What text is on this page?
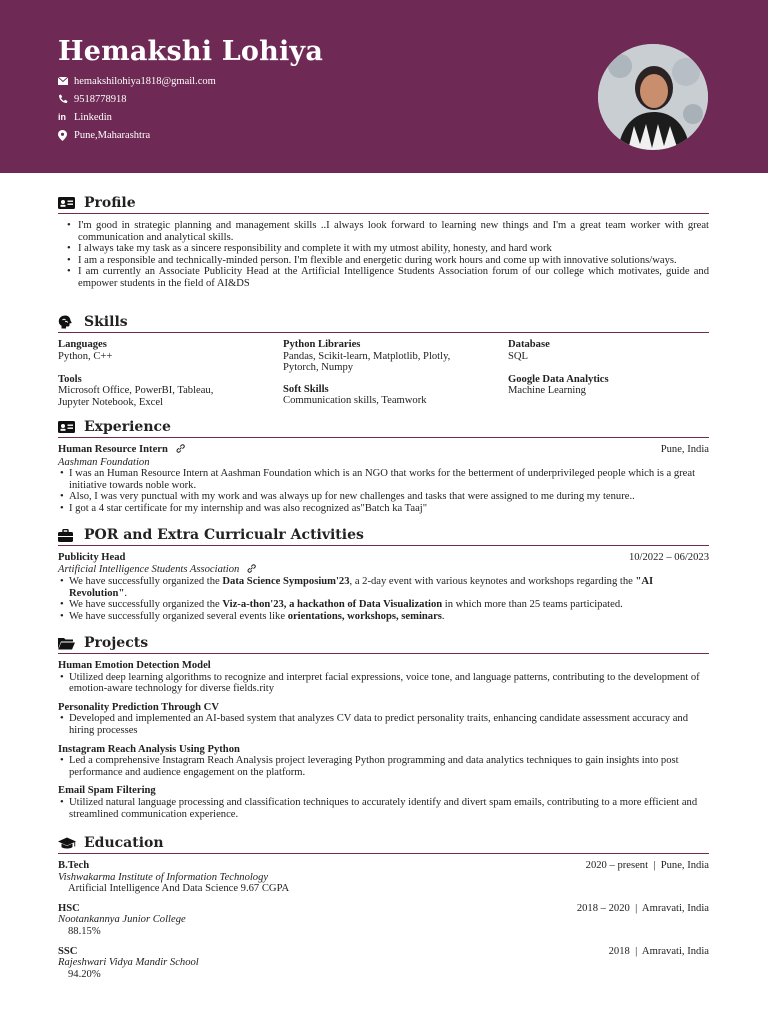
Hemakshi Lohiya
hemakshilohiya1818@gmail.com
9518778918
in Linkedin
Pune,Maharashtra
Profile
• I'm good in strategic planning and management skills ..I always look forward to learning new things and I'm a great team worker with great communication and analytical skills.
• I always take my task as a sincere responsibility and complete it with my utmost ability, honesty, and hard work
• I am a responsible and technically-minded person. I'm flexible and energetic during work hours and come up with innovative solutions/ways.
• I am currently an Associate Publicity Head at the Artificial Intelligence Students Association forum of our college which motivates, guide and empower students in the field of AI&DS
Skills
Languages
Python, C++
Python Libraries
Pandas, Scikit-learn, Matplotlib, Plotly, Pytorch, Numpy
Database
SQL
Tools
Microsoft Office, PowerBI, Tableau, Jupyter Notebook, Excel
Soft Skills
Communication skills, Teamwork
Google Data Analytics
Machine Learning
Experience
Human Resource Intern	Pune, India
Aashman Foundation
• I was an Human Resource Intern at Aashman Foundation which is an NGO that works for the betterment of underprivileged people which is a great initiative towards noble work.
• Also, I was very punctual with my work and was always up for new challenges and tasks that were assigned to me during my tenure..
• I got a 4 star certificate for my internship and was also recognized as"Batch ka Taaj"
POR and Extra Curricualr Activities
Publicity Head	10/2022 – 06/2023
Artificial Intelligence Students Association
• We have successfully organized the Data Science Symposium'23, a 2-day event with various keynotes and workshops regarding the "AI Revolution".
• We have successfully organized the Viz-a-thon'23, a hackathon of Data Visualization in which more than 25 teams participated.
• We have successfully organized several events like orientations, workshops, seminars.
Projects
Human Emotion Detection Model
• Utilized deep learning algorithms to recognize and interpret facial expressions, voice tone, and language patterns, contributing to the development of emotion-aware technology for diverse fields.rity
Personality Prediction Through CV
• Developed and implemented an AI-based system that analyzes CV data to predict personality traits, enhancing candidate assessment accuracy and hiring processes
Instagram Reach Analysis Using Python
• Led a comprehensive Instagram Reach Analysis project leveraging Python programming and data analytics techniques to gain insights into post performance and audience engagement on the platform.
Email Spam Filtering
• Utilized natural language processing and classification techniques to accurately identify and divert spam emails, contributing to a more efficient and streamlined communication experience.
Education
B.Tech	2020 – present  |  Pune, India
Vishwakarma Institute of Information Technology
Artificial Intelligence And Data Science 9.67 CGPA
HSC	2018 – 2020  |  Amravati, India
Nootankannya Junior College
88.15%
SSC	2018  |  Amravati, India
Rajeshwari Vidya Mandir School
94.20%
